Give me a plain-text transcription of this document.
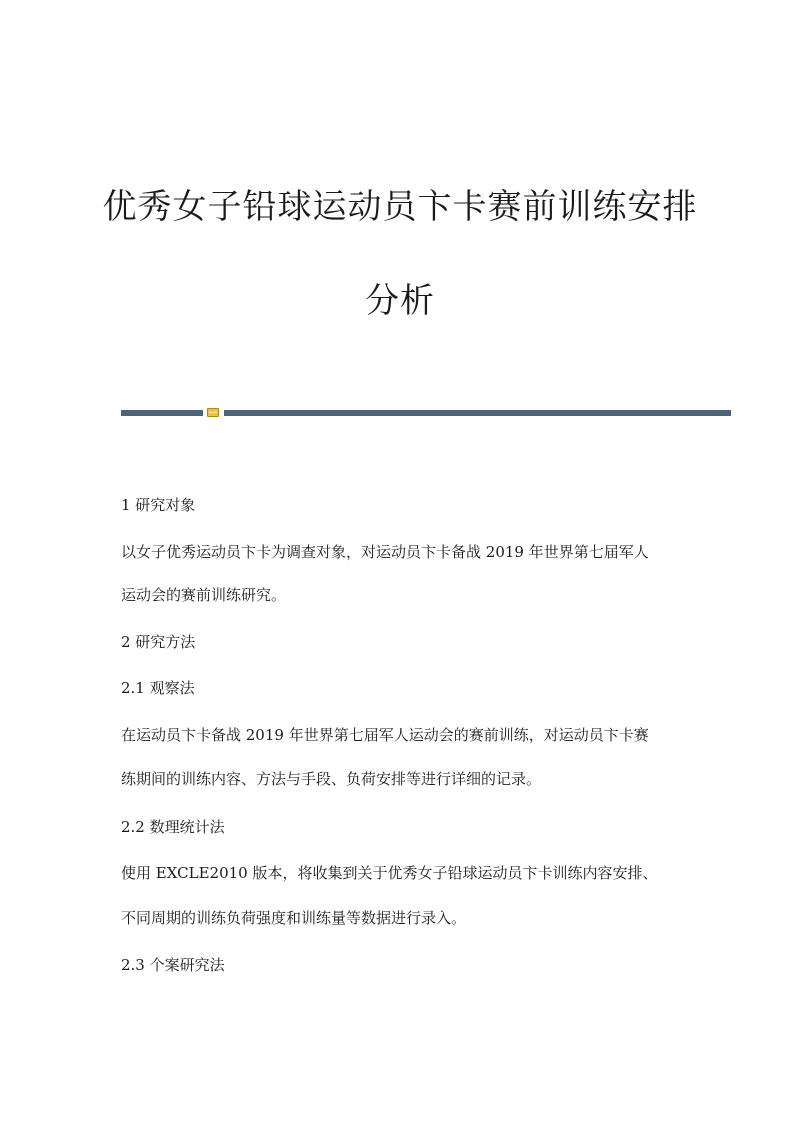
优秀女子铅球运动员卞卡赛前训练安排
分析

1 研究对象

以女子优秀运动员卞卡为调查对象，对运动员卞卡备战 2019 年世界第七届军人

运动会的赛前训练研究。

2 研究方法

2.1 观察法

在运动员卞卡备战 2019 年世界第七届军人运动会的赛前训练，对运动员卞卡赛

练期间的训练内容、方法与手段、负荷安排等进行详细的记录。

2.2 数理统计法

使用 EXCLE2010 版本，将收集到关于优秀女子铅球运动员卞卡训练内容安排、

不同周期的训练负荷强度和训练量等数据进行录入。

2.3 个案研究法
